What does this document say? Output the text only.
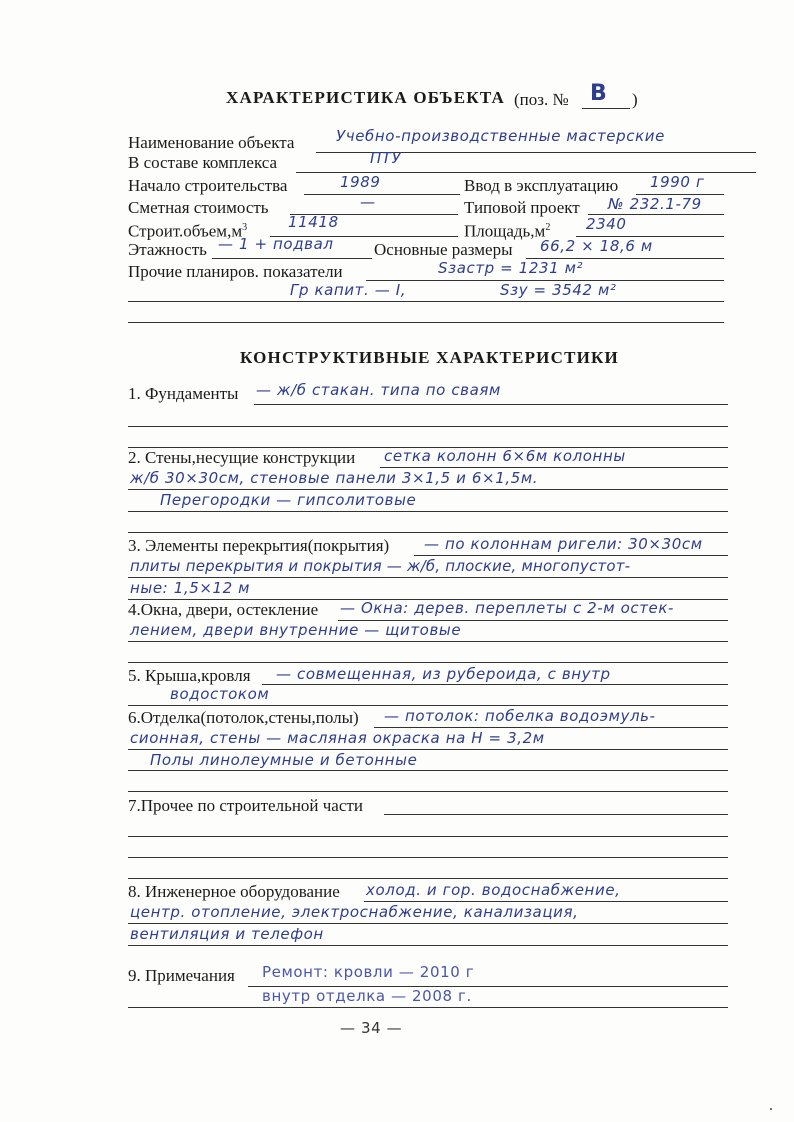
ХАРАКТЕРИСТИКА ОБЪЕКТА (поз. № В )
Наименование объекта	Учебно-производственные мастерские
В составе комплекса	ПТУ
Начало строительства	1989	Ввод в эксплуатацию 1990 г
Сметная стоимость	—	Типовой проект № 232.1-79
$Строит.объем,м^3$	11418	$Площадь,м^2$ 2340
Этажность — 1 + подвал Основные размеры 66,2 × 18,6 м
Прочие планиров. показатели	Sзастр = 1231 м²
Гр капит. — I,	Sзу = 3542 м²
КОНСТРУКТИВНЫЕ ХАРАКТЕРИСТИКИ
1. Фундаменты — ж/б стакан. типа по сваям
2. Стены,несущие конструкции сетка колонн 6×6м колонны
ж/б 30×30см, стеновые панели 3×1,5 и 6×1,5м.
Перегородки — гипсолитовые
3. Элементы перекрытия(покрытия) — по колоннам ригели: 30×30см
плиты перекрытия и покрытия — ж/б, плоские, многопустот-
ные: 1,5×12 м
4.Окна, двери, остекление — Окна: дерев. переплеты с 2-м остек-
лением, двери внутренние — щитовые
5. Крыша,кровля — совмещенная, из рубероида, с внутр
водостоком
6.Отделка(потолок,стены,полы) — потолок: побелка водоэмуль-
сионная, стены — масляная окраска на H = 3,2м
Полы линолеумные и бетонные
7.Прочее по строительной части
8. Инженерное оборудование холод. и гор. водоснабжение,
центр. отопление, электроснабжение, канализация,
вентиляция и телефон
9. Примечания Ремонт: кровли — 2010 г
внутр отделка — 2008 г.
— 34 —
